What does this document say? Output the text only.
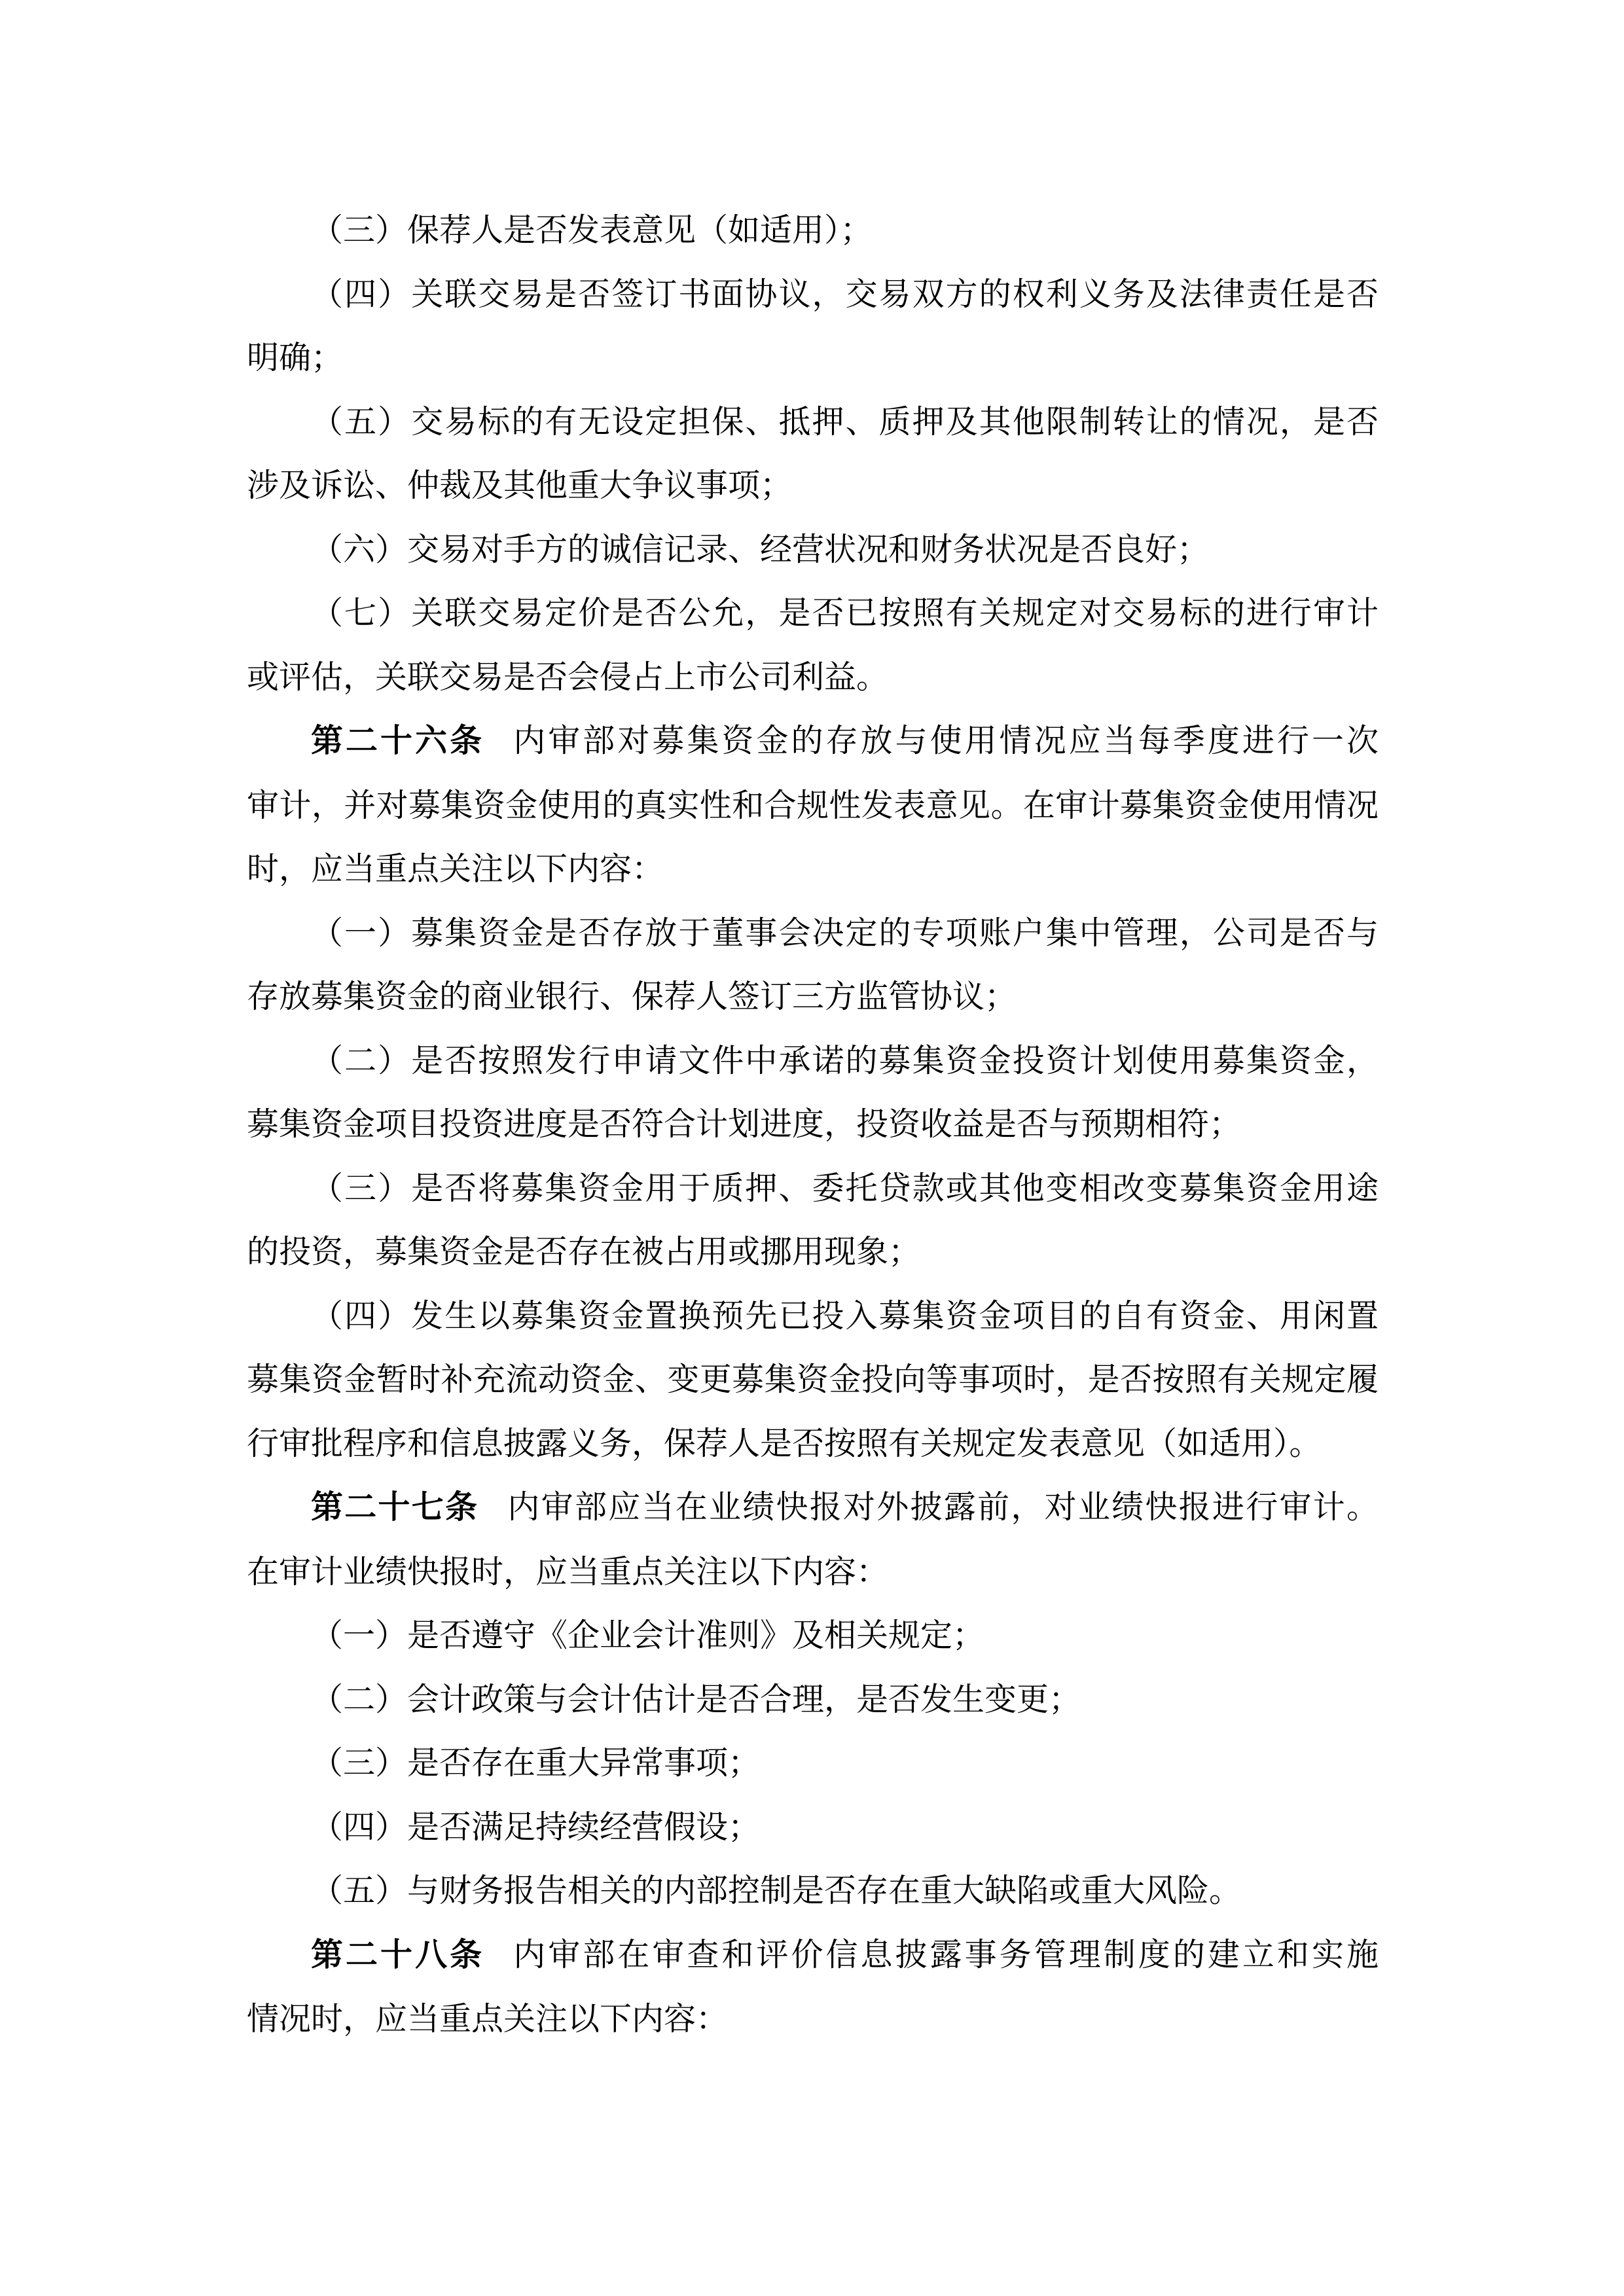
（三）保荐人是否发表意见（如适用）；
（四）关联交易是否签订书面协议，交易双方的权利义务及法律责任是否
明确；
（五）交易标的有无设定担保、抵押、质押及其他限制转让的情况，是否
涉及诉讼、仲裁及其他重大争议事项；
（六）交易对手方的诚信记录、经营状况和财务状况是否良好；
（七）关联交易定价是否公允，是否已按照有关规定对交易标的进行审计
或评估，关联交易是否会侵占上市公司利益。
第二十六条 内审部对募集资金的存放与使用情况应当每季度进行一次
审计，并对募集资金使用的真实性和合规性发表意见。在审计募集资金使用情况
时，应当重点关注以下内容：
（一）募集资金是否存放于董事会决定的专项账户集中管理，公司是否与
存放募集资金的商业银行、保荐人签订三方监管协议；
（二）是否按照发行申请文件中承诺的募集资金投资计划使用募集资金，
募集资金项目投资进度是否符合计划进度，投资收益是否与预期相符；
（三）是否将募集资金用于质押、委托贷款或其他变相改变募集资金用途
的投资，募集资金是否存在被占用或挪用现象；
（四）发生以募集资金置换预先已投入募集资金项目的自有资金、用闲置
募集资金暂时补充流动资金、变更募集资金投向等事项时，是否按照有关规定履
行审批程序和信息披露义务，保荐人是否按照有关规定发表意见（如适用）。
第二十七条 内审部应当在业绩快报对外披露前，对业绩快报进行审计。
在审计业绩快报时，应当重点关注以下内容：
（一）是否遵守《企业会计准则》及相关规定；
（二）会计政策与会计估计是否合理，是否发生变更；
（三）是否存在重大异常事项；
（四）是否满足持续经营假设；
（五）与财务报告相关的内部控制是否存在重大缺陷或重大风险。
第二十八条 内审部在审查和评价信息披露事务管理制度的建立和实施
情况时，应当重点关注以下内容：
